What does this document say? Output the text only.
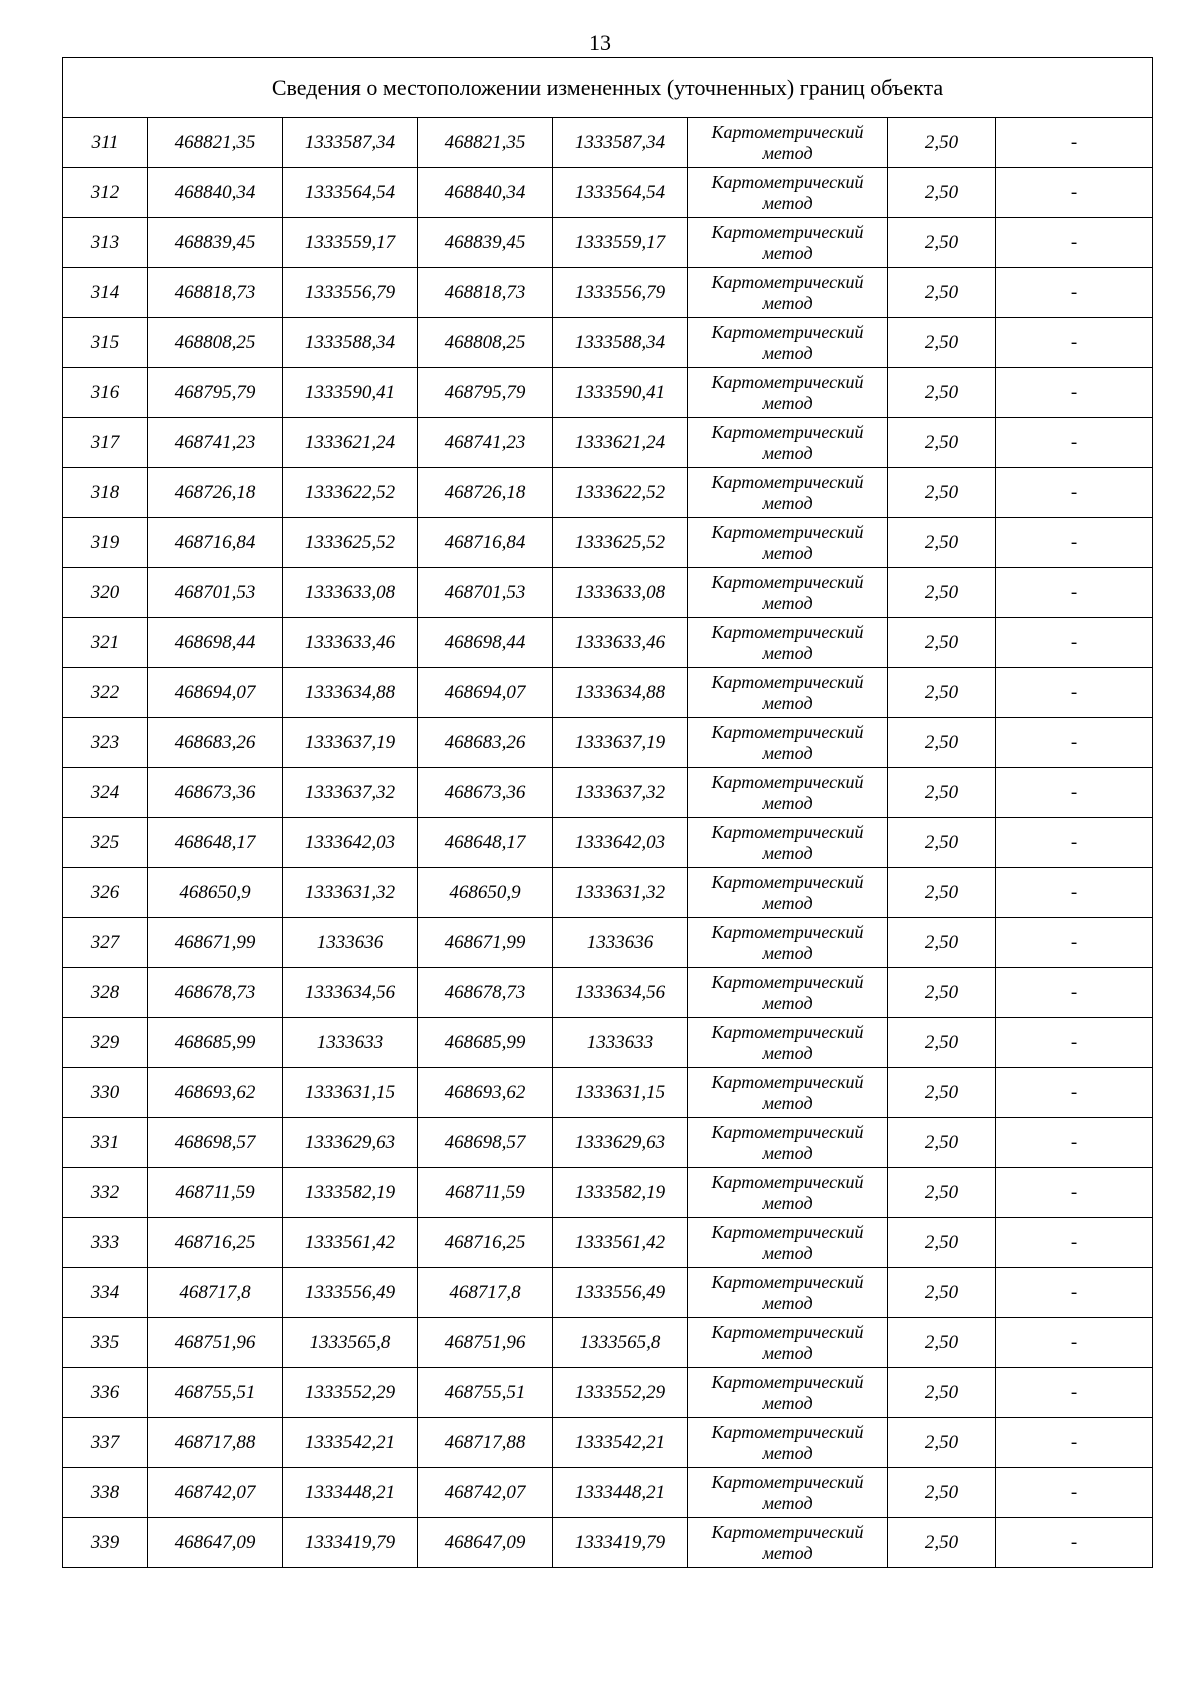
13
Сведения о местоположении измененных (уточненных) границ объекта							
311	468821,35	1333587,34	468821,35	1333587,34	Картометрический
метод	2,50	-
312	468840,34	1333564,54	468840,34	1333564,54	Картометрический
метод	2,50	-
313	468839,45	1333559,17	468839,45	1333559,17	Картометрический
метод	2,50	-
314	468818,73	1333556,79	468818,73	1333556,79	Картометрический
метод	2,50	-
315	468808,25	1333588,34	468808,25	1333588,34	Картометрический
метод	2,50	-
316	468795,79	1333590,41	468795,79	1333590,41	Картометрический
метод	2,50	-
317	468741,23	1333621,24	468741,23	1333621,24	Картометрический
метод	2,50	-
318	468726,18	1333622,52	468726,18	1333622,52	Картометрический
метод	2,50	-
319	468716,84	1333625,52	468716,84	1333625,52	Картометрический
метод	2,50	-
320	468701,53	1333633,08	468701,53	1333633,08	Картометрический
метод	2,50	-
321	468698,44	1333633,46	468698,44	1333633,46	Картометрический
метод	2,50	-
322	468694,07	1333634,88	468694,07	1333634,88	Картометрический
метод	2,50	-
323	468683,26	1333637,19	468683,26	1333637,19	Картометрический
метод	2,50	-
324	468673,36	1333637,32	468673,36	1333637,32	Картометрический
метод	2,50	-
325	468648,17	1333642,03	468648,17	1333642,03	Картометрический
метод	2,50	-
326	468650,9	1333631,32	468650,9	1333631,32	Картометрический
метод	2,50	-
327	468671,99	1333636	468671,99	1333636	Картометрический
метод	2,50	-
328	468678,73	1333634,56	468678,73	1333634,56	Картометрический
метод	2,50	-
329	468685,99	1333633	468685,99	1333633	Картометрический
метод	2,50	-
330	468693,62	1333631,15	468693,62	1333631,15	Картометрический
метод	2,50	-
331	468698,57	1333629,63	468698,57	1333629,63	Картометрический
метод	2,50	-
332	468711,59	1333582,19	468711,59	1333582,19	Картометрический
метод	2,50	-
333	468716,25	1333561,42	468716,25	1333561,42	Картометрический
метод	2,50	-
334	468717,8	1333556,49	468717,8	1333556,49	Картометрический
метод	2,50	-
335	468751,96	1333565,8	468751,96	1333565,8	Картометрический
метод	2,50	-
336	468755,51	1333552,29	468755,51	1333552,29	Картометрический
метод	2,50	-
337	468717,88	1333542,21	468717,88	1333542,21	Картометрический
метод	2,50	-
338	468742,07	1333448,21	468742,07	1333448,21	Картометрический
метод	2,50	-
339	468647,09	1333419,79	468647,09	1333419,79	Картометрический
метод	2,50	-
